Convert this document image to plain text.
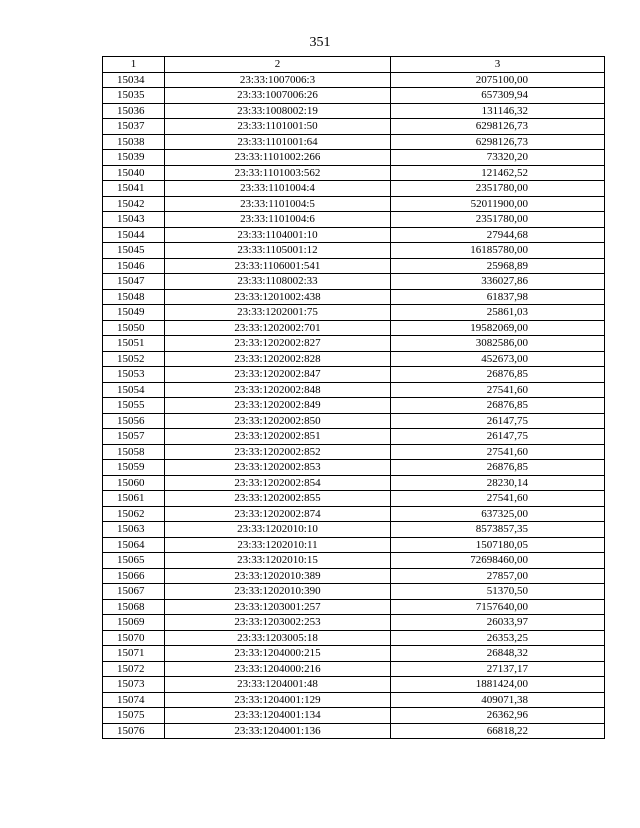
351
1	2	3
15034	23:33:1007006:3	2075100,00
15035	23:33:1007006:26	657309,94
15036	23:33:1008002:19	131146,32
15037	23:33:1101001:50	6298126,73
15038	23:33:1101001:64	6298126,73
15039	23:33:1101002:266	73320,20
15040	23:33:1101003:562	121462,52
15041	23:33:1101004:4	2351780,00
15042	23:33:1101004:5	52011900,00
15043	23:33:1101004:6	2351780,00
15044	23:33:1104001:10	27944,68
15045	23:33:1105001:12	16185780,00
15046	23:33:1106001:541	25968,89
15047	23:33:1108002:33	336027,86
15048	23:33:1201002:438	61837,98
15049	23:33:1202001:75	25861,03
15050	23:33:1202002:701	19582069,00
15051	23:33:1202002:827	3082586,00
15052	23:33:1202002:828	452673,00
15053	23:33:1202002:847	26876,85
15054	23:33:1202002:848	27541,60
15055	23:33:1202002:849	26876,85
15056	23:33:1202002:850	26147,75
15057	23:33:1202002:851	26147,75
15058	23:33:1202002:852	27541,60
15059	23:33:1202002:853	26876,85
15060	23:33:1202002:854	28230,14
15061	23:33:1202002:855	27541,60
15062	23:33:1202002:874	637325,00
15063	23:33:1202010:10	8573857,35
15064	23:33:1202010:11	1507180,05
15065	23:33:1202010:15	72698460,00
15066	23:33:1202010:389	27857,00
15067	23:33:1202010:390	51370,50
15068	23:33:1203001:257	7157640,00
15069	23:33:1203002:253	26033,97
15070	23:33:1203005:18	26353,25
15071	23:33:1204000:215	26848,32
15072	23:33:1204000:216	27137,17
15073	23:33:1204001:48	1881424,00
15074	23:33:1204001:129	409071,38
15075	23:33:1204001:134	26362,96
15076	23:33:1204001:136	66818,22
